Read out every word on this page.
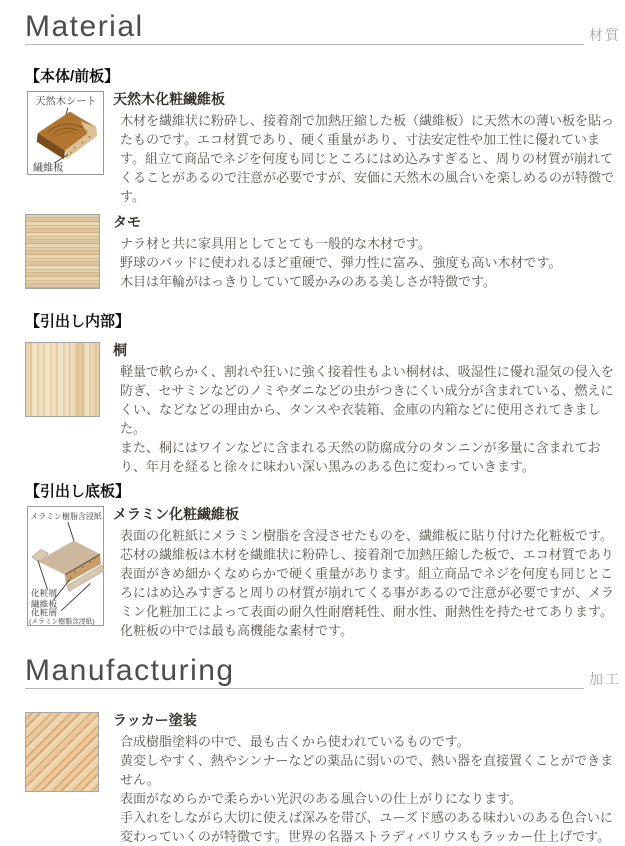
Material	材質
【本体/前板】
天然木シート
繊維板
天然木化粧繊維板

木材を繊維状に粉砕し、接着剤で加熱圧縮した板（繊維板）に天然木の薄い板を貼ったものです。エコ材質であり、硬く重量があり、寸法安定性や加工性に優れています。組立て商品でネジを何度も同じところにはめ込みすぎると、周りの材質が崩れてくることがあるので注意が必要ですが、安価に天然木の風合いを楽しめるのが特徴です。

タモ

ナラ材と共に家具用としてとても一般的な木材です。

野球のバッドに使われるほど重硬で、弾力性に富み、強度も高い木材です。

木目は年輪がはっきりしていて暖かみのある美しさが特徴です。

【引出し内部】
桐

軽量で軟らかく、割れや狂いに強く接着性もよい桐材は、吸湿性に優れ湿気の侵入を防ぎ、セサミンなどのノミやダニなどの虫がつきにくい成分が含まれている、燃えにくい、などなどの理由から、タンスや衣装箱、金庫の内箱などに使用されてきました。

また、桐にはワインなどに含まれる天然の防腐成分のタンニンが多量に含まれており、年月を経ると徐々に味わい深い黒みのある色に変わっていきます。

【引出し底板】
メラミン樹脂含浸紙
化粧層
繊維板
化粧層
(メラミン樹脂含浸紙)
メラミン化粧繊維板

表面の化粧紙にメラミン樹脂を含浸させたものを、繊維板に貼り付けた化粧板です。芯材の繊維板は木材を繊維状に粉砕し、接着剤で加熱圧縮した板で、エコ材質であり表面がきめ細かくなめらかで硬く重量があります。組立商品でネジを何度も同じところにはめ込みすぎると周りの材質が崩れてくる事があるので注意が必要ですが、メラミン化粧加工によって表面の耐久性耐磨耗性、耐水性、耐熱性を持たせてあります。化粧板の中では最も高機能な素材です。

Manufacturing	加工
ラッカー塗装

合成樹脂塗料の中で、最も古くから使われているものです。

黄変しやすく、熱やシンナーなどの薬品に弱いので、熱い器を直接置くことができません。

表面がなめらかで柔らかい光沢のある風合いの仕上がりになります。

手入れをしながら大切に使えば深みを帯び、ユーズド感のある味わいのある色合いに変わっていくのが特徴です。世界の名器ストラディバリウスもラッカー仕上げです。
